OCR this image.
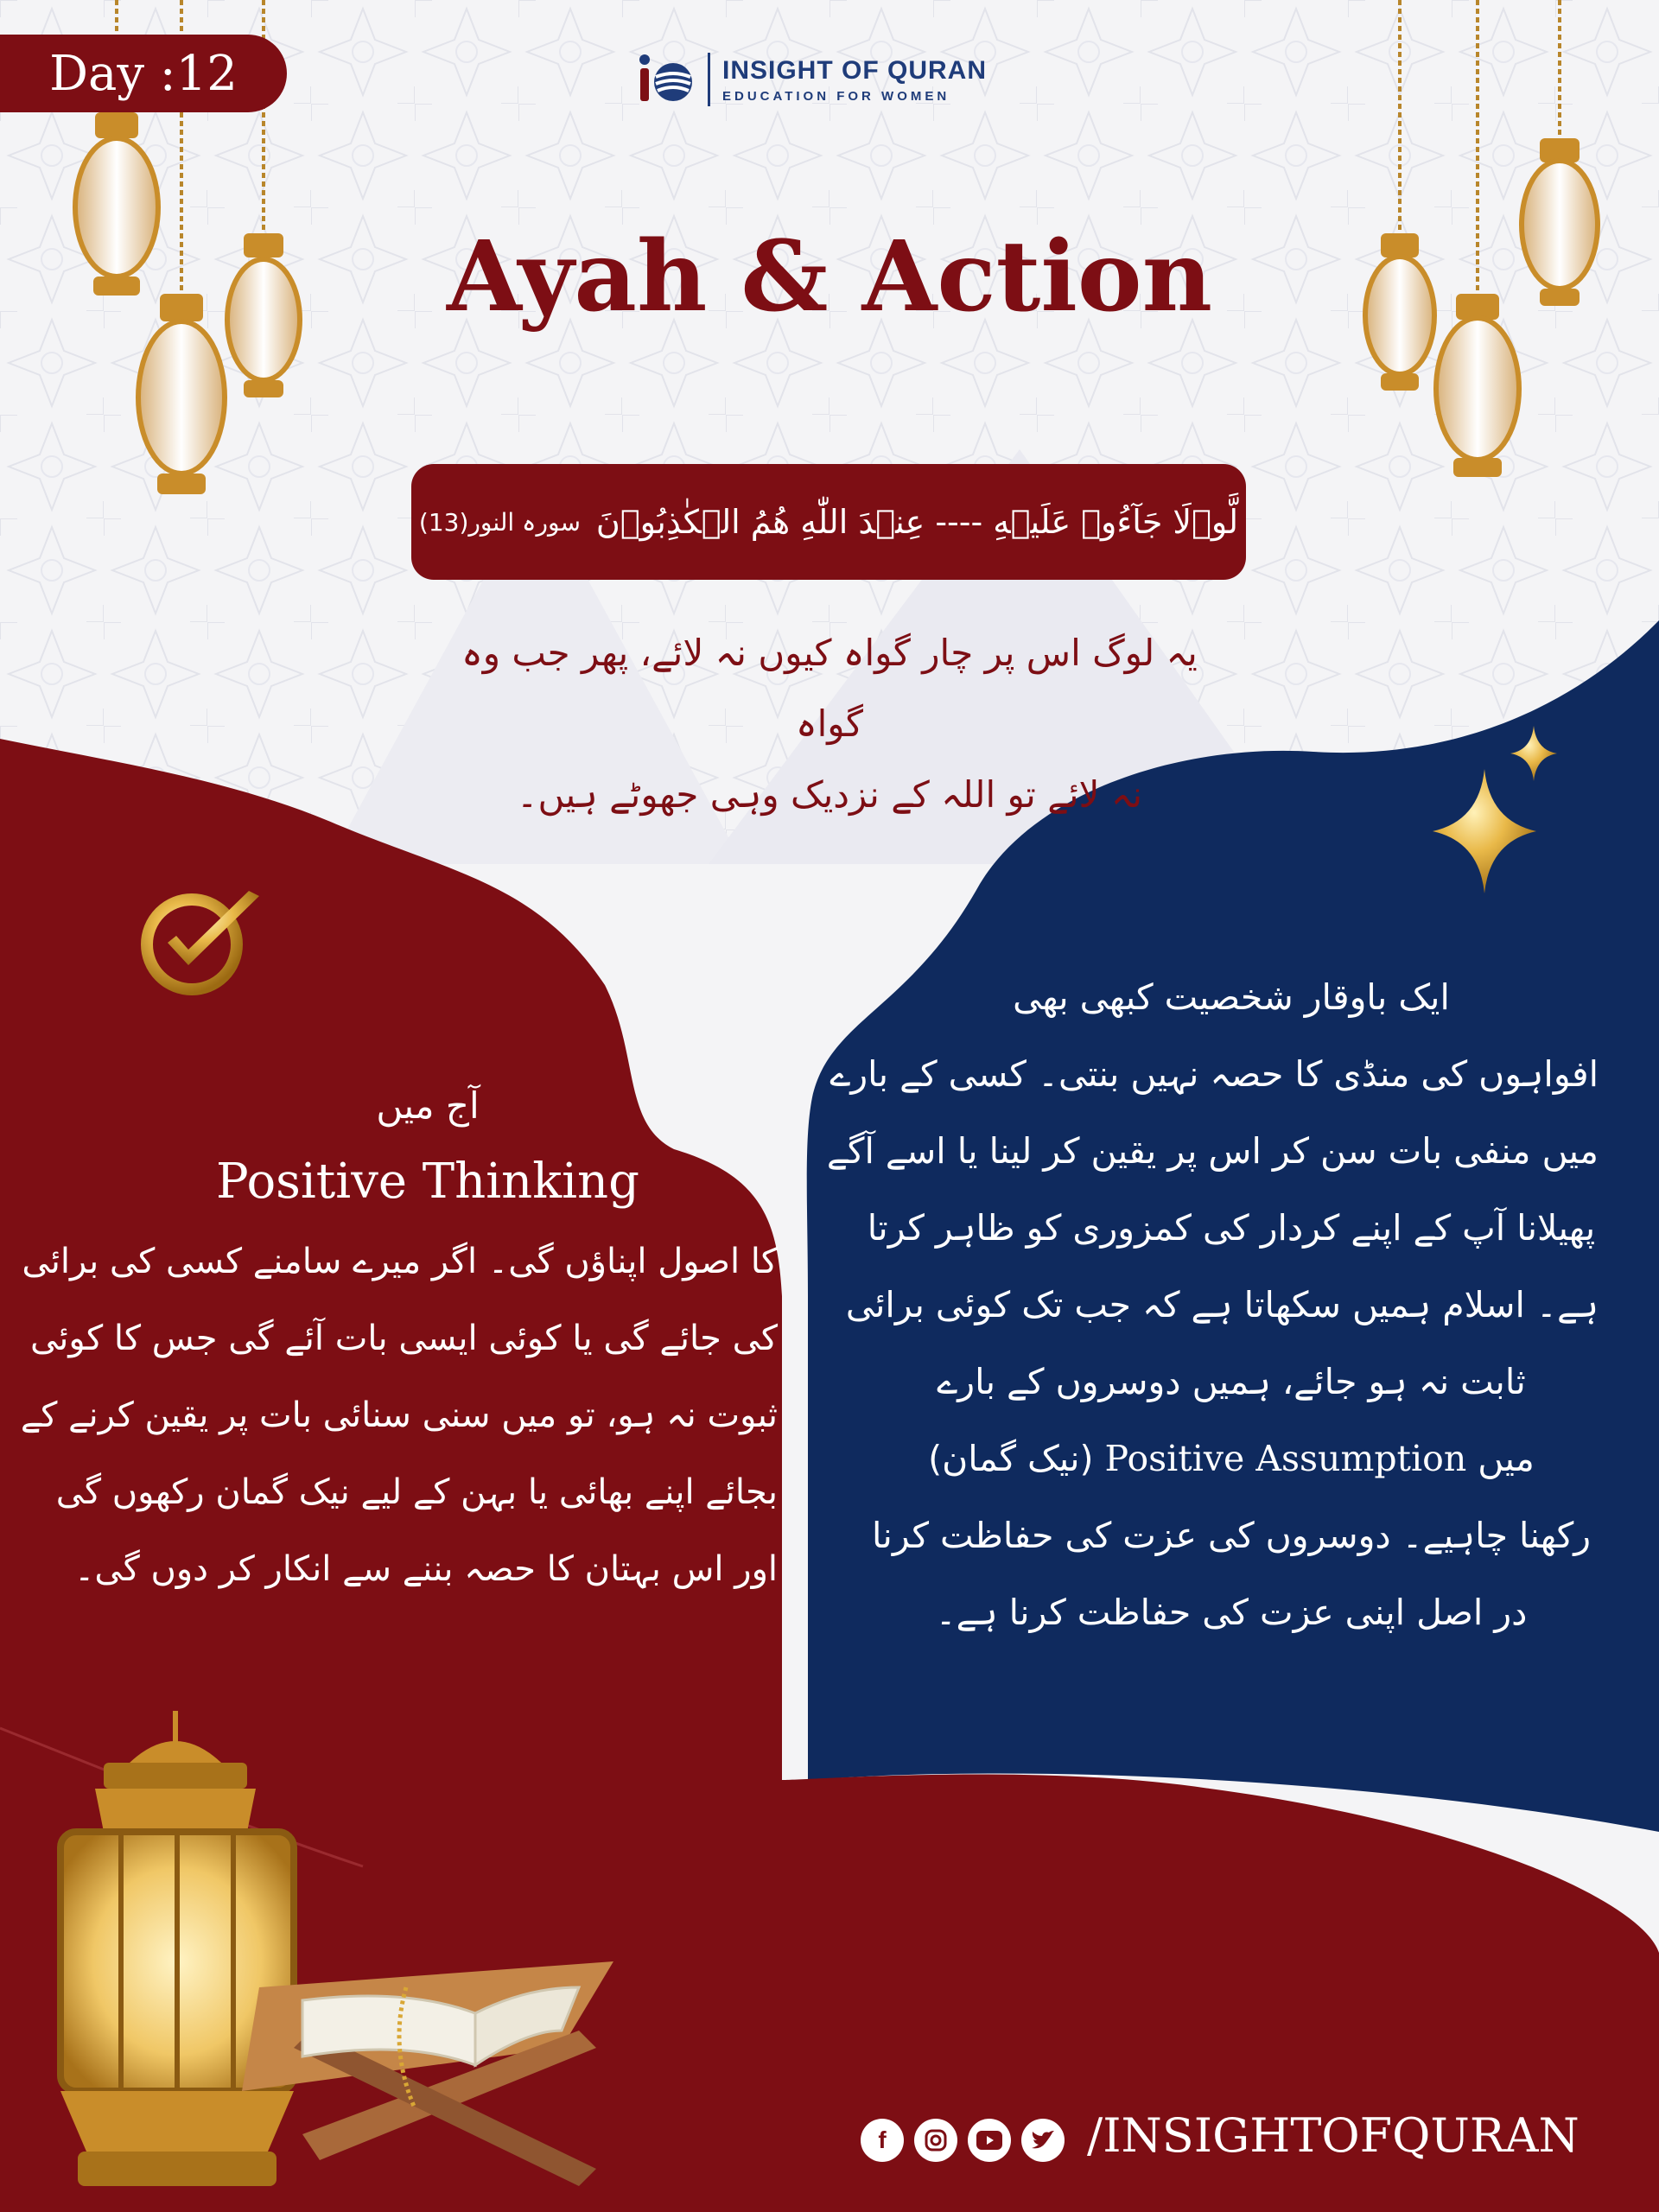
Day :12	INSIGHT OF QURAN
EDUCATION FOR WOMEN
Ayah & Action
لَّوۡلَا جَآءُوۡ عَلَيۡهِ ---- عِنۡدَ اللّٰهِ هُمُ الۡكٰذِبُوۡنَ
سورہ النور(13)
یہ لوگ اس پر چار گواہ کیوں نہ لائے، پھر جب وہ گواہ
نہ لائے تو اللہ کے نزدیک وہی جھوٹے ہیں۔
ایک باوقار شخصیت کبھی بھی
افواہوں کی منڈی کا حصہ نہیں بنتی۔ کسی کے بارے
میں منفی بات سن کر اس پر یقین کر لینا یا اسے آگے
پھیلانا آپ کے اپنے کردار کی کمزوری کو ظاہر کرتا
ہے۔ اسلام ہمیں سکھاتا ہے کہ جب تک کوئی برائی
ثابت نہ ہو جائے، ہمیں دوسروں کے بارے
میں Positive Assumption (نیک گمان)
رکھنا چاہیے۔ دوسروں کی عزت کی حفاظت کرنا
در اصل اپنی عزت کی حفاظت کرنا ہے۔
آج میں
Positive Thinking
کا اصول اپناؤں گی۔ اگر میرے سامنے کسی کی برائی
کی جائے گی یا کوئی ایسی بات آئے گی جس کا کوئی
ثبوت نہ ہو، تو میں سنی سنائی بات پر یقین کرنے کے
بجائے اپنے بھائی یا بہن کے لیے نیک گمان رکھوں گی
اور اس بہتان کا حصہ بننے سے انکار کر دوں گی۔
f	/INSIGHTOFQURAN
